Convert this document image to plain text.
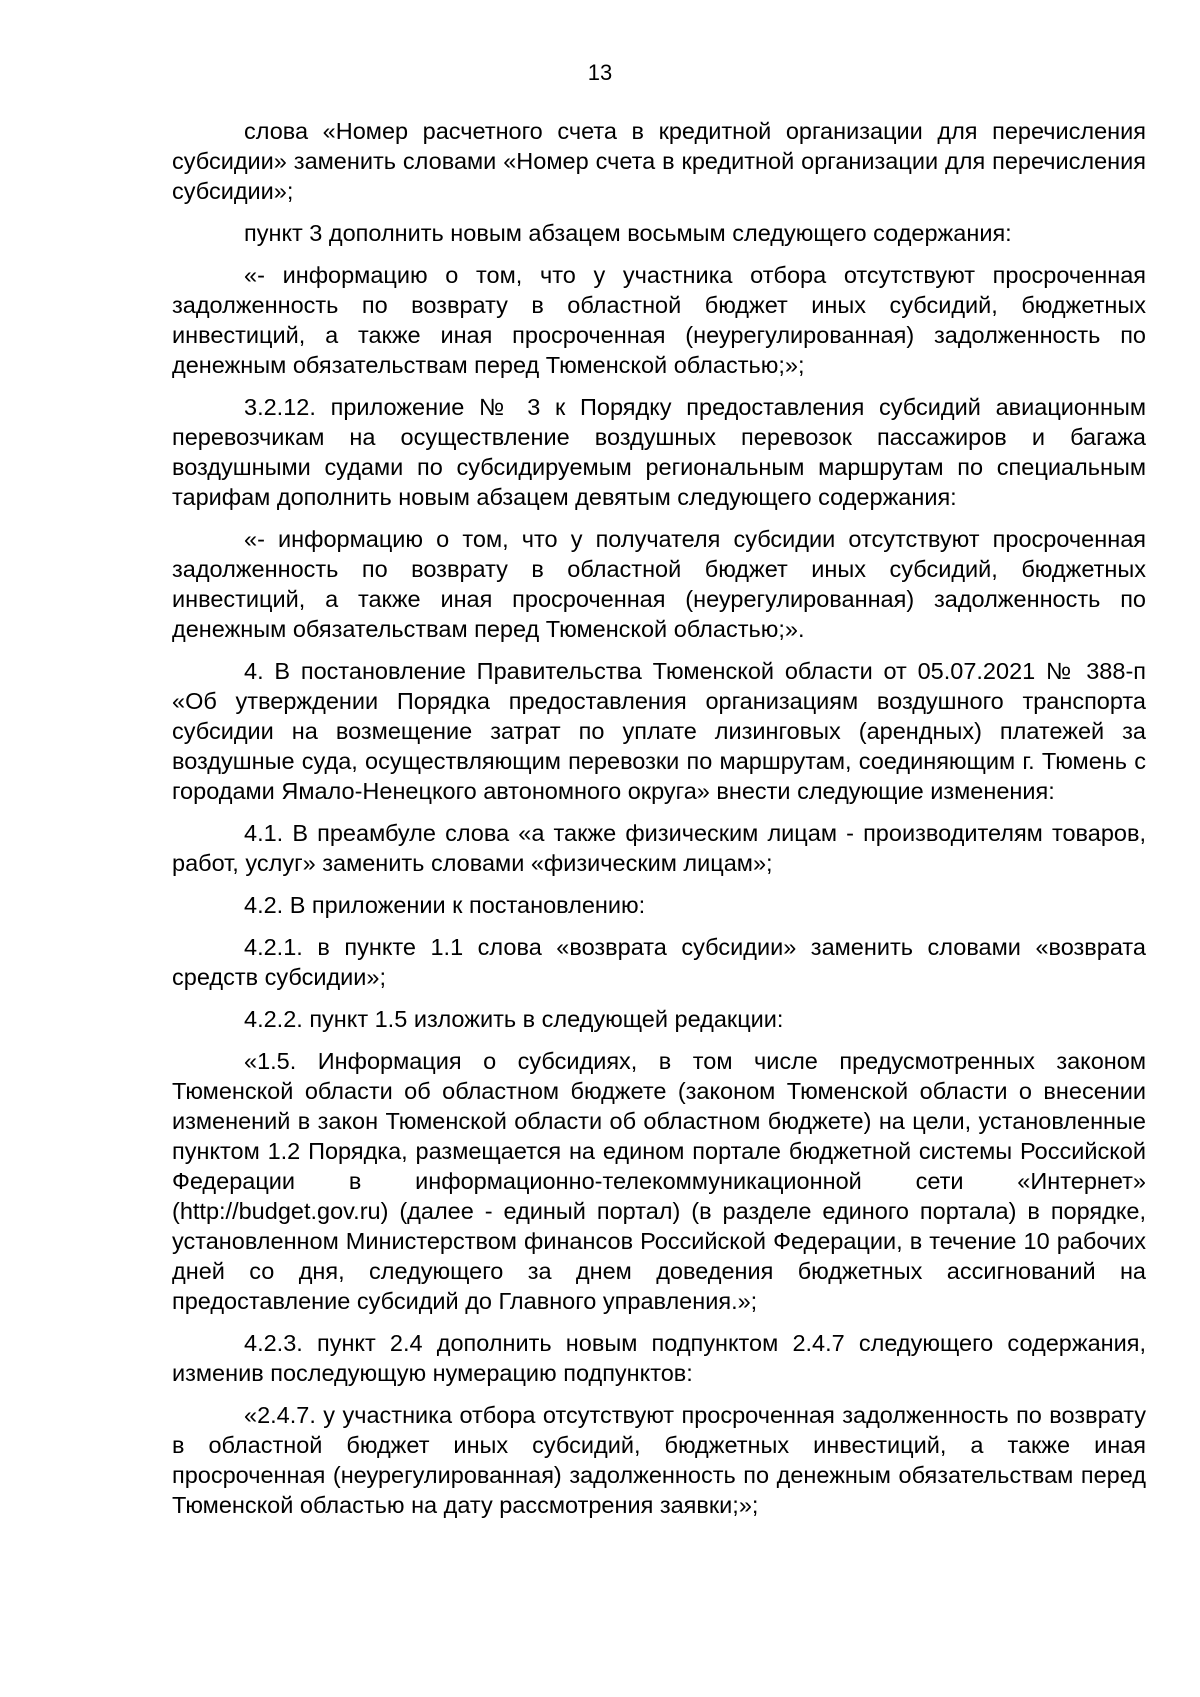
13

слова «Номер расчетного счета в кредитной организации для перечисления субсидии» заменить словами «Номер счета в кредитной организации для перечисления субсидии»;

пункт 3 дополнить новым абзацем восьмым следующего содержания:

«- информацию о том, что у участника отбора отсутствуют просроченная задолженность по возврату в областной бюджет иных субсидий, бюджетных инвестиций, а также иная просроченная (неурегулированная) задолженность по денежным обязательствам перед Тюменской областью;»;

3.2.12. приложение № 3 к Порядку предоставления субсидий авиационным перевозчикам на осуществление воздушных перевозок пассажиров и багажа воздушными судами по субсидируемым региональным маршрутам по специальным тарифам дополнить новым абзацем девятым следующего содержания:

«- информацию о том, что у получателя субсидии отсутствуют просроченная задолженность по возврату в областной бюджет иных субсидий, бюджетных инвестиций, а также иная просроченная (неурегулированная) задолженность по денежным обязательствам перед Тюменской областью;».

4. В постановление Правительства Тюменской области от 05.07.2021 № 388-п «Об утверждении Порядка предоставления организациям воздушного транспорта субсидии на возмещение затрат по уплате лизинговых (арендных) платежей за воздушные суда, осуществляющим перевозки по маршрутам, соединяющим г. Тюмень с городами Ямало-Ненецкого автономного округа» внести следующие изменения:

4.1. В преамбуле слова «а также физическим лицам - производителям товаров, работ, услуг» заменить словами «физическим лицам»;

4.2. В приложении к постановлению:

4.2.1. в пункте 1.1 слова «возврата субсидии» заменить словами «возврата средств субсидии»;

4.2.2. пункт 1.5 изложить в следующей редакции:

«1.5. Информация о субсидиях, в том числе предусмотренных законом Тюменской области об областном бюджете (законом Тюменской области о внесении изменений в закон Тюменской области об областном бюджете) на цели, установленные пунктом 1.2 Порядка, размещается на едином портале бюджетной системы Российской Федерации в информационно-телекоммуникационной сети «Интернет» (http://budget.gov.ru) (далее - единый портал) (в разделе единого портала) в порядке, установленном Министерством финансов Российской Федерации, в течение 10 рабочих дней со дня, следующего за днем доведения бюджетных ассигнований на предоставление субсидий до Главного управления.»;

4.2.3. пункт 2.4 дополнить новым подпунктом 2.4.7 следующего содержания, изменив последующую нумерацию подпунктов:

«2.4.7. у участника отбора отсутствуют просроченная задолженность по возврату в областной бюджет иных субсидий, бюджетных инвестиций, а также иная просроченная (неурегулированная) задолженность по денежным обязательствам перед Тюменской областью на дату рассмотрения заявки;»;
